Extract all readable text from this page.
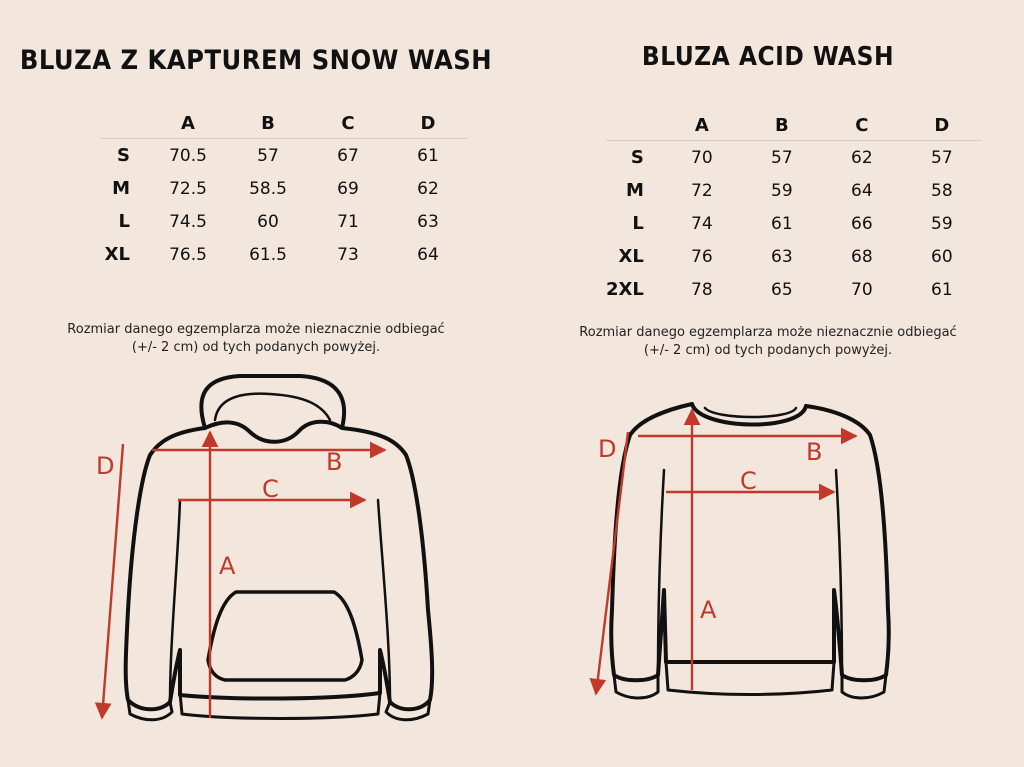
BLUZA Z KAPTUREM SNOW WASH
	A	B	C	D
S	70.5	57	67	61
M	72.5	58.5	69	62
L	74.5	60	71	63
XL	76.5	61.5	73	64
Rozmiar danego egzemplarza może nieznacznie odbiegać
(+/- 2 cm) od tych podanych powyżej.
B
C
A
D
BLUZA ACID WASH
	A	B	C	D
S	70	57	62	57
M	72	59	64	58
L	74	61	66	59
XL	76	63	68	60
2XL	78	65	70	61
Rozmiar danego egzemplarza może nieznacznie odbiegać
(+/- 2 cm) od tych podanych powyżej.
B
C
A
D
